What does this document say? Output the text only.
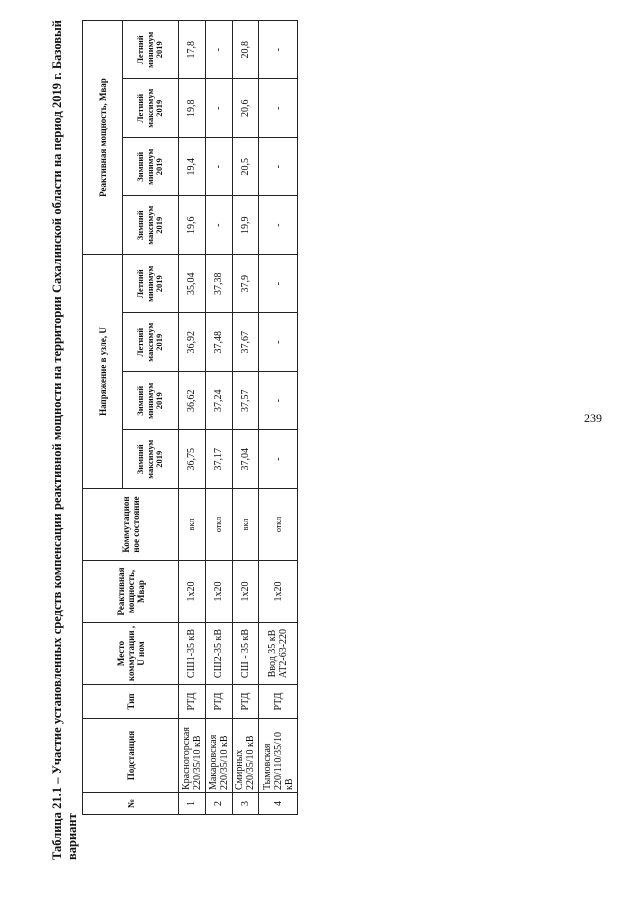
Таблица 21.1 – Участие установленных средств компенсации реактивной мощности на территории Сахалинской области на период 2019 г. Базовый вариант
№	Подстанция	Тип	Место коммутации , U ном	Реактивная мощность, Мвар	Коммутацион ное состояние	Напряжение в узле, U				Реактивная мощность, Мвар			
						Зимний максимум 2019	Зимний минимум 2019	Летний максимум 2019	Летний минимум 2019	Зимний максимум 2019	Зимний минимум 2019	Летний максимум 2019	Летний минимум 2019
1	Красногорская 220/35/10 кВ	РТД	СШ1-35 кВ	1х20	вкл	36,75	36,62	36,92	35,04	19,6	19,4	19,8	17,8
2	Макаровская 220/35/10 кВ	РТД	СШ2-35 кВ	1х20	откл	37,17	37,24	37,48	37,38	-	-	-	-
3	Смирных 220/35/10 кВ	РТД	СШ - 35 кВ	1х20	вкл	37,04	37,57	37,67	37,9	19,9	20,5	20,6	20,8
4	Тымовская 220/110/35/10 кВ	РТД	Ввод 35 кВ АТ2-63-220	1х20	откл	-	-	-	-	-	-	-	-
239
